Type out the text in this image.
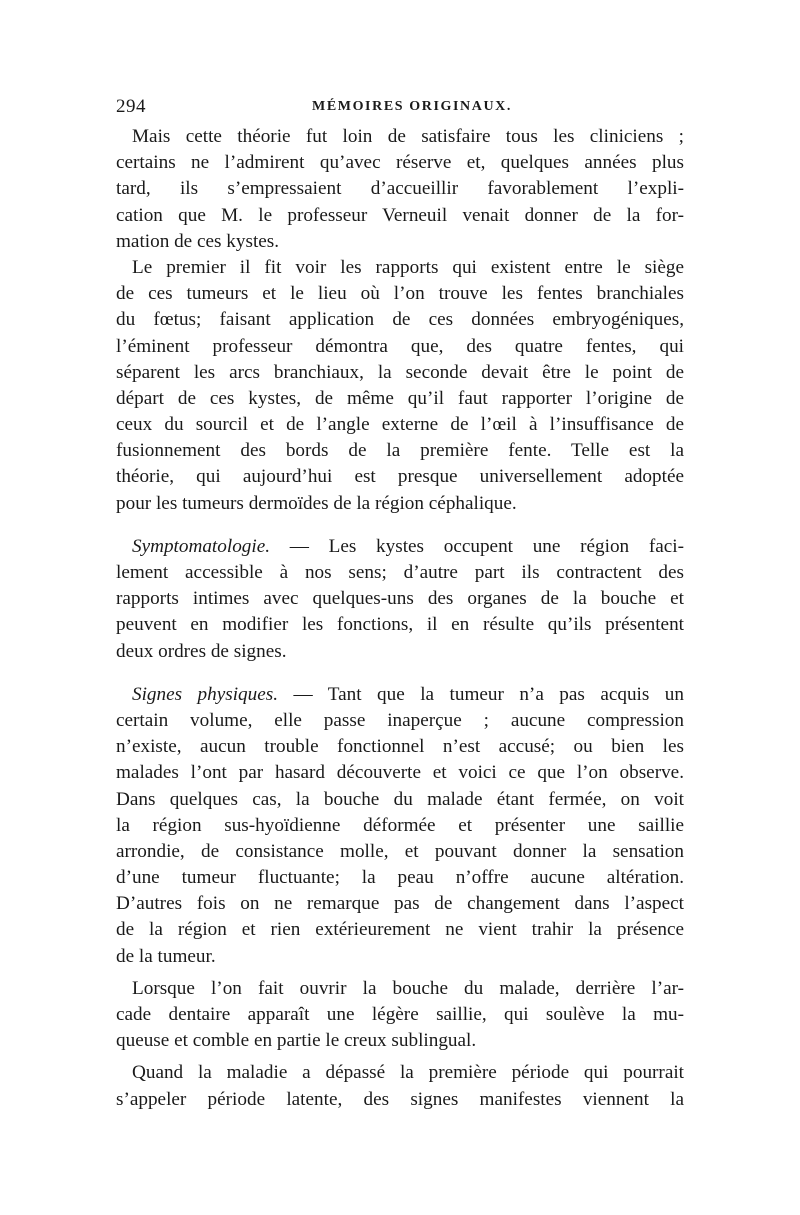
294	MÉMOIRES ORIGINAUX.
Mais cette théorie fut loin de satisfaire tous les cliniciens ;
certains ne l’admirent qu’avec réserve et, quelques années plus
tard, ils s’empressaient d’accueillir favorablement l’expli-
cation que M. le professeur Verneuil venait donner de la for-
mation de ces kystes.
Le premier il fit voir les rapports qui existent entre le siège
de ces tumeurs et le lieu où l’on trouve les fentes branchiales
du fœtus; faisant application de ces données embryogéniques,
l’éminent professeur démontra que, des quatre fentes, qui
séparent les arcs branchiaux, la seconde devait être le point de
départ de ces kystes, de même qu’il faut rapporter l’origine de
ceux du sourcil et de l’angle externe de l’œil à l’insuffisance de
fusionnement des bords de la première fente. Telle est la
théorie, qui aujourd’hui est presque universellement adoptée
pour les tumeurs dermoïdes de la région céphalique.
Symptomatologie. — Les kystes occupent une région faci-
lement accessible à nos sens; d’autre part ils contractent des
rapports intimes avec quelques-uns des organes de la bouche et
peuvent en modifier les fonctions, il en résulte qu’ils présentent
deux ordres de signes.
Signes physiques. — Tant que la tumeur n’a pas acquis un
certain volume, elle passe inaperçue ; aucune compression
n’existe, aucun trouble fonctionnel n’est accusé; ou bien les
malades l’ont par hasard découverte et voici ce que l’on observe.
Dans quelques cas, la bouche du malade étant fermée, on voit
la région sus-hyoïdienne déformée et présenter une saillie
arrondie, de consistance molle, et pouvant donner la sensation
d’une tumeur fluctuante; la peau n’offre aucune altération.
D’autres fois on ne remarque pas de changement dans l’aspect
de la région et rien extérieurement ne vient trahir la présence
de la tumeur.
Lorsque l’on fait ouvrir la bouche du malade, derrière l’ar-
cade dentaire apparaît une légère saillie, qui soulève la mu-
queuse et comble en partie le creux sublingual.
Quand la maladie a dépassé la première période qui pourrait
s’appeler période latente, des signes manifestes viennent la
